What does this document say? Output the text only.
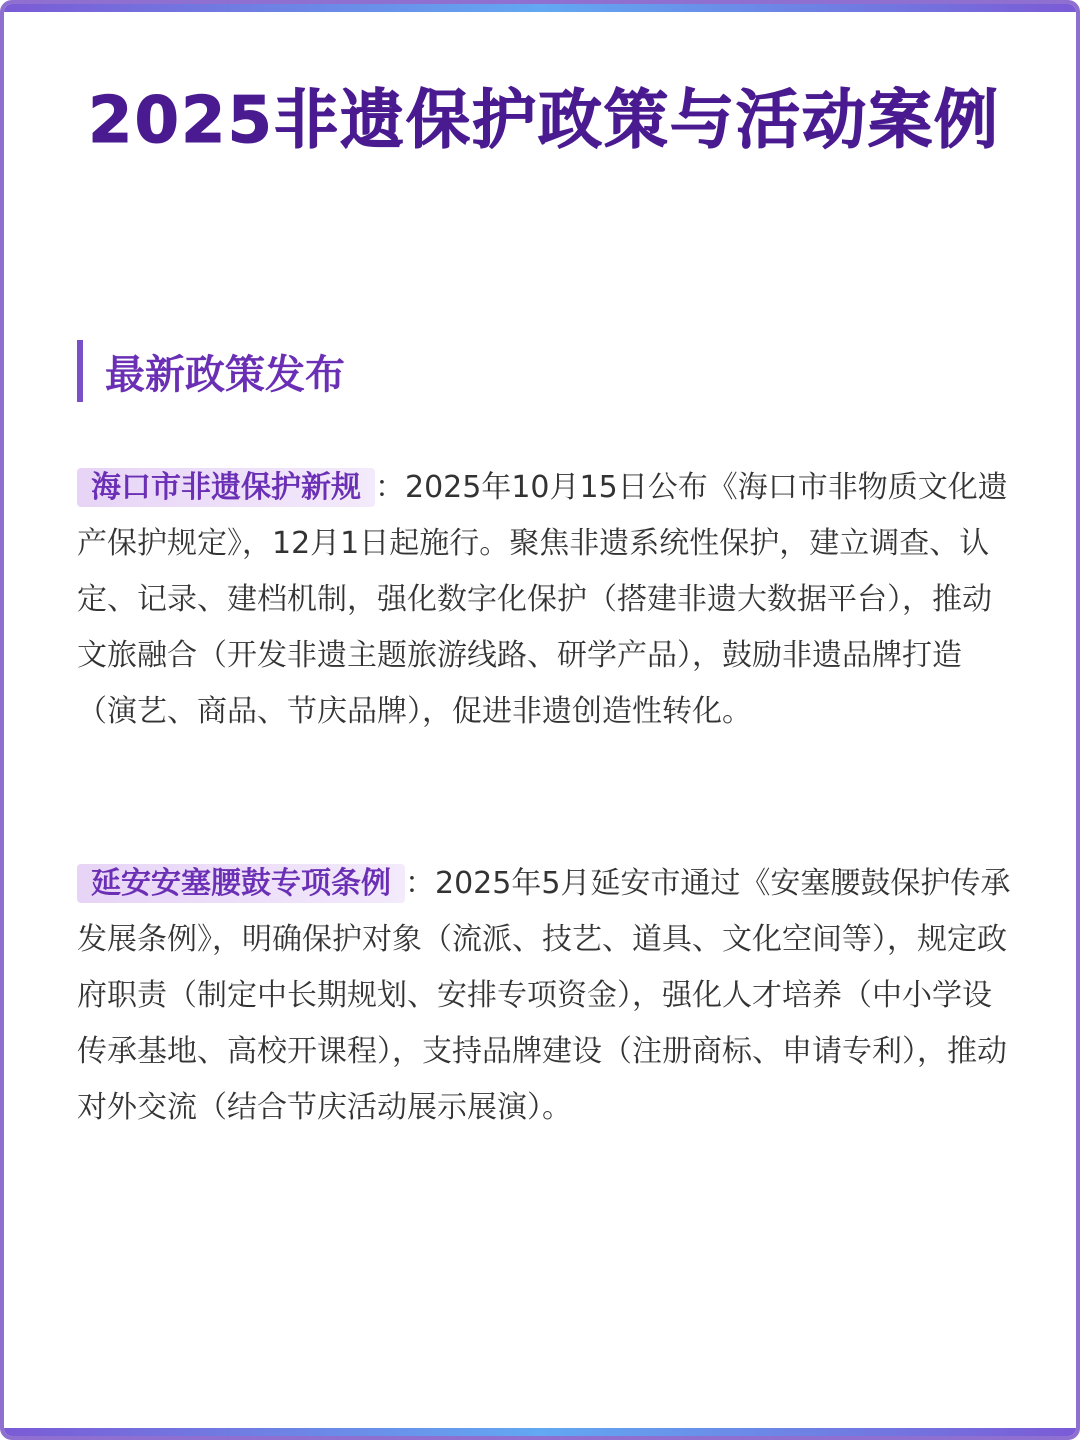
2025非遗保护政策与活动案例
最新政策发布

海口市非遗保护新规 ：2025年10月15日公布《海口市非物质文化遗产保护规定》，12月1日起施行。聚焦非遗系统性保护，建立调查、认定、记录、建档机制，强化数字化保护（搭建非遗大数据平台），推动文旅融合（开发非遗主题旅游线路、研学产品），鼓励非遗品牌打造（演艺、商品、节庆品牌），促进非遗创造性转化。

延安安塞腰鼓专项条例 ：2025年5月延安市通过《安塞腰鼓保护传承发展条例》，明确保护对象（流派、技艺、道具、文化空间等），规定政府职责（制定中长期规划、安排专项资金），强化人才培养（中小学设传承基地、高校开课程），支持品牌建设（注册商标、申请专利），推动对外交流（结合节庆活动展示展演）。
